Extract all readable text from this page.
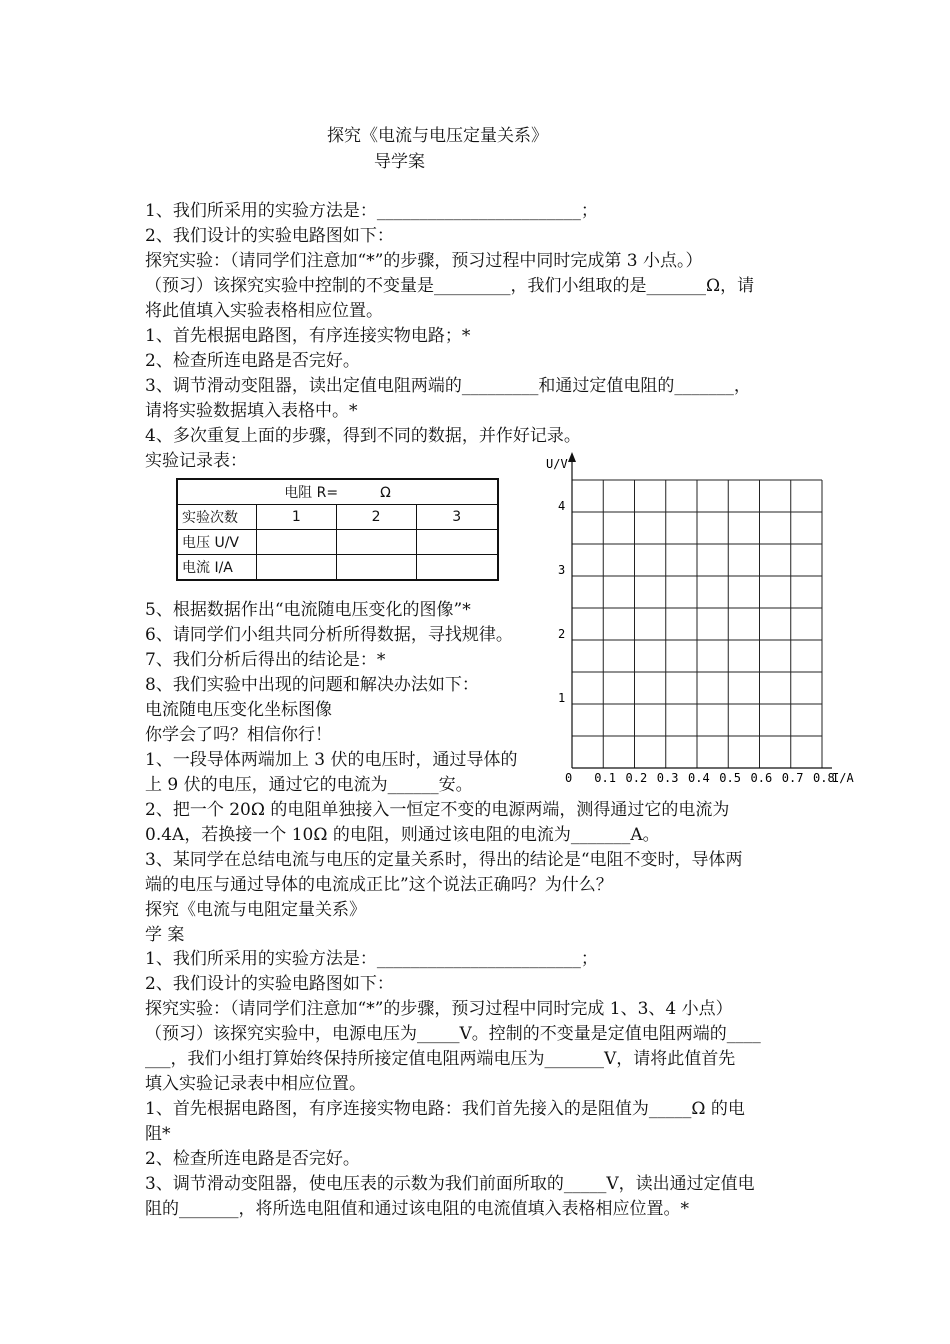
探究《电流与电压定量关系》
导学案
1、我们所采用的实验方法是：________________________；
2、我们设计的实验电路图如下：
探究实验：（请同学们注意加“*”的步骤，预习过程中同时完成第 3 小点。）
（预习）该探究实验中控制的不变量是_________，我们小组取的是_______Ω，请
将此值填入实验表格相应位置。
1、首先根据电路图，有序连接实物电路；*
2、检查所连电路是否完好。
3、调节滑动变阻器，读出定值电阻两端的_________和通过定值电阻的_______，
请将实验数据填入表格中。*
4、多次重复上面的步骤，得到不同的数据，并作好记录。
实验记录表：
电阻 R=　　　Ω			
实验次数	1	2	3
电压 U/V			
电流 I/A			
5、根据数据作出“电流随电压变化的图像”*
6、请同学们小组共同分析所得数据，寻找规律。
7、我们分析后得出的结论是：*
8、我们实验中出现的问题和解决办法如下：
电流随电压变化坐标图像
你学会了吗？相信你行！
1、一段导体两端加上 3 伏的电压时，通过导体的
上 9 伏的电压，通过它的电流为______安。
2、把一个 20Ω 的电阻单独接入一恒定不变的电源两端，测得通过它的电流为
0.4A，若换接一个 10Ω 的电阻，则通过该电阻的电流为_______A。
3、某同学在总结电流与电压的定量关系时，得出的结论是“电阻不变时，导体两
端的电压与通过导体的电流成正比”这个说法正确吗？为什么？
探究《电流与电阻定量关系》
学 案
1、我们所采用的实验方法是：________________________；
2、我们设计的实验电路图如下：
探究实验：（请同学们注意加“*”的步骤，预习过程中同时完成 1、3、4 小点）
（预习）该探究实验中，电源电压为_____V。控制的不变量是定值电阻两端的____
___，我们小组打算始终保持所接定值电阻两端电压为_______V，请将此值首先
填入实验记录表中相应位置。
1、首先根据电路图，有序连接实物电路：我们首先接入的是阻值为_____Ω 的电
阻*
2、检查所连电路是否完好。
3、调节滑动变阻器，使电压表的示数为我们前面所取的_____V，读出通过定值电
阻的_______，将所选电阻值和通过该电阻的电流值填入表格相应位置。*
U/V
I/A
0 0.1 0.2 0.3 0.4 0.5 0.6 0.7 0.8
1
2
3
4
